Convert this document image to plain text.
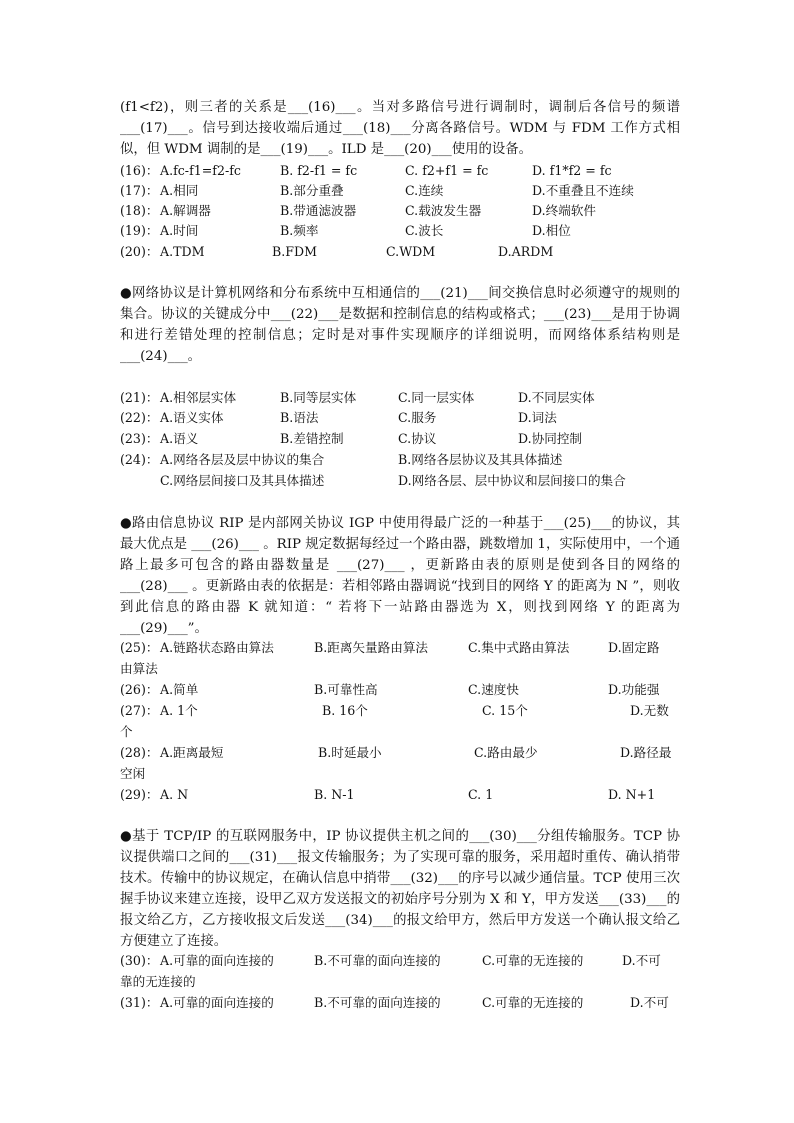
(f1<f2)，则三者的关系是___(16)___。当对多路信号进行调制时，调制后各信号的频谱___(17)___。信号到达接收端后通过___(18)___分离各路信号。WDM 与 FDM 工作方式相似，但 WDM 调制的是___(19)___。ILD 是___(20)___使用的设备。
(16)： A.fc-f1=f2-fc	B. f2-f1 = fc	C. f2+f1 = fc	D. f1*f2 = fc
(17)： A.相同	B.部分重叠	C.连续	D.不重叠且不连续
(18)： A.解调器	B.带通滤波器	C.载波发生器	D.终端软件
(19)： A.时间	B.频率	C.波长	D.相位
(20)： A.TDM	B.FDM	C.WDM	D.ARDM
●网络协议是计算机网络和分布系统中互相通信的___(21)___间交换信息时必须遵守的规则的集合。协议的关键成分中___(22)___是数据和控制信息的结构或格式；___(23)___是用于协调和进行差错处理的控制信息；定时是对事件实现顺序的详细说明，而网络体系结构则是___(24)___。
(21)： A.相邻层实体	B.同等层实体	C.同一层实体	D.不同层实体
(22)： A.语义实体	B.语法	C.服务	D.词法
(23)： A.语义	B.差错控制	C.协议	D.协同控制
(24)： A.网络各层及层中协议的集合	B.网络各层协议及其具体描述
C.网络层间接口及其具体描述	D.网络各层、层中协议和层间接口的集合
●路由信息协议 RIP 是内部网关协议 IGP 中使用得最广泛的一种基于___(25)___的协议，其最大优点是 ___(26)___ 。RIP 规定数据每经过一个路由器，跳数增加 1，实际使用中，一个通路上最多可包含的路由器数量是 ___(27)___ ，更新路由表的原则是使到各目的网络的 ___(28)___ 。更新路由表的依据是：若相邻路由器调说“找到目的网络 Y 的距离为 N ”，则收到此信息的路由器 K 就知道：“ 若将下一站路由器选为 X，则找到网络 Y 的距离为 ___(29)___”。
(25)： A.链路状态路由算法	B.距离矢量路由算法	C.集中式路由算法	D.固定路
由算法
(26)： A.简单	B.可靠性高	C.速度快	D.功能强
(27)： A. 1个	B. 16个	C. 15个	D.无数
个
(28)： A.距离最短	B.时延最小	C.路由最少	D.路径最
空闲
(29)： A. N	B. N-1	C. 1	D. N+1
●基于 TCP/IP 的互联网服务中，IP 协议提供主机之间的___(30)___分组传输服务。TCP 协议提供端口之间的___(31)___报文传输服务；为了实现可靠的服务，采用超时重传、确认捎带技术。传输中的协议规定，在确认信息中捎带___(32)___的序号以减少通信量。TCP 使用三次握手协议来建立连接，设甲乙双方发送报文的初始序号分别为 X 和 Y，甲方发送___(33)___的报文给乙方，乙方接收报文后发送___(34)___的报文给甲方，然后甲方发送一个确认报文给乙方便建立了连接。
(30)： A.可靠的面向连接的	B.不可靠的面向连接的	C.可靠的无连接的	D.不可
靠的无连接的
(31)： A.可靠的面向连接的	B.不可靠的面向连接的	C.可靠的无连接的	D.不可
